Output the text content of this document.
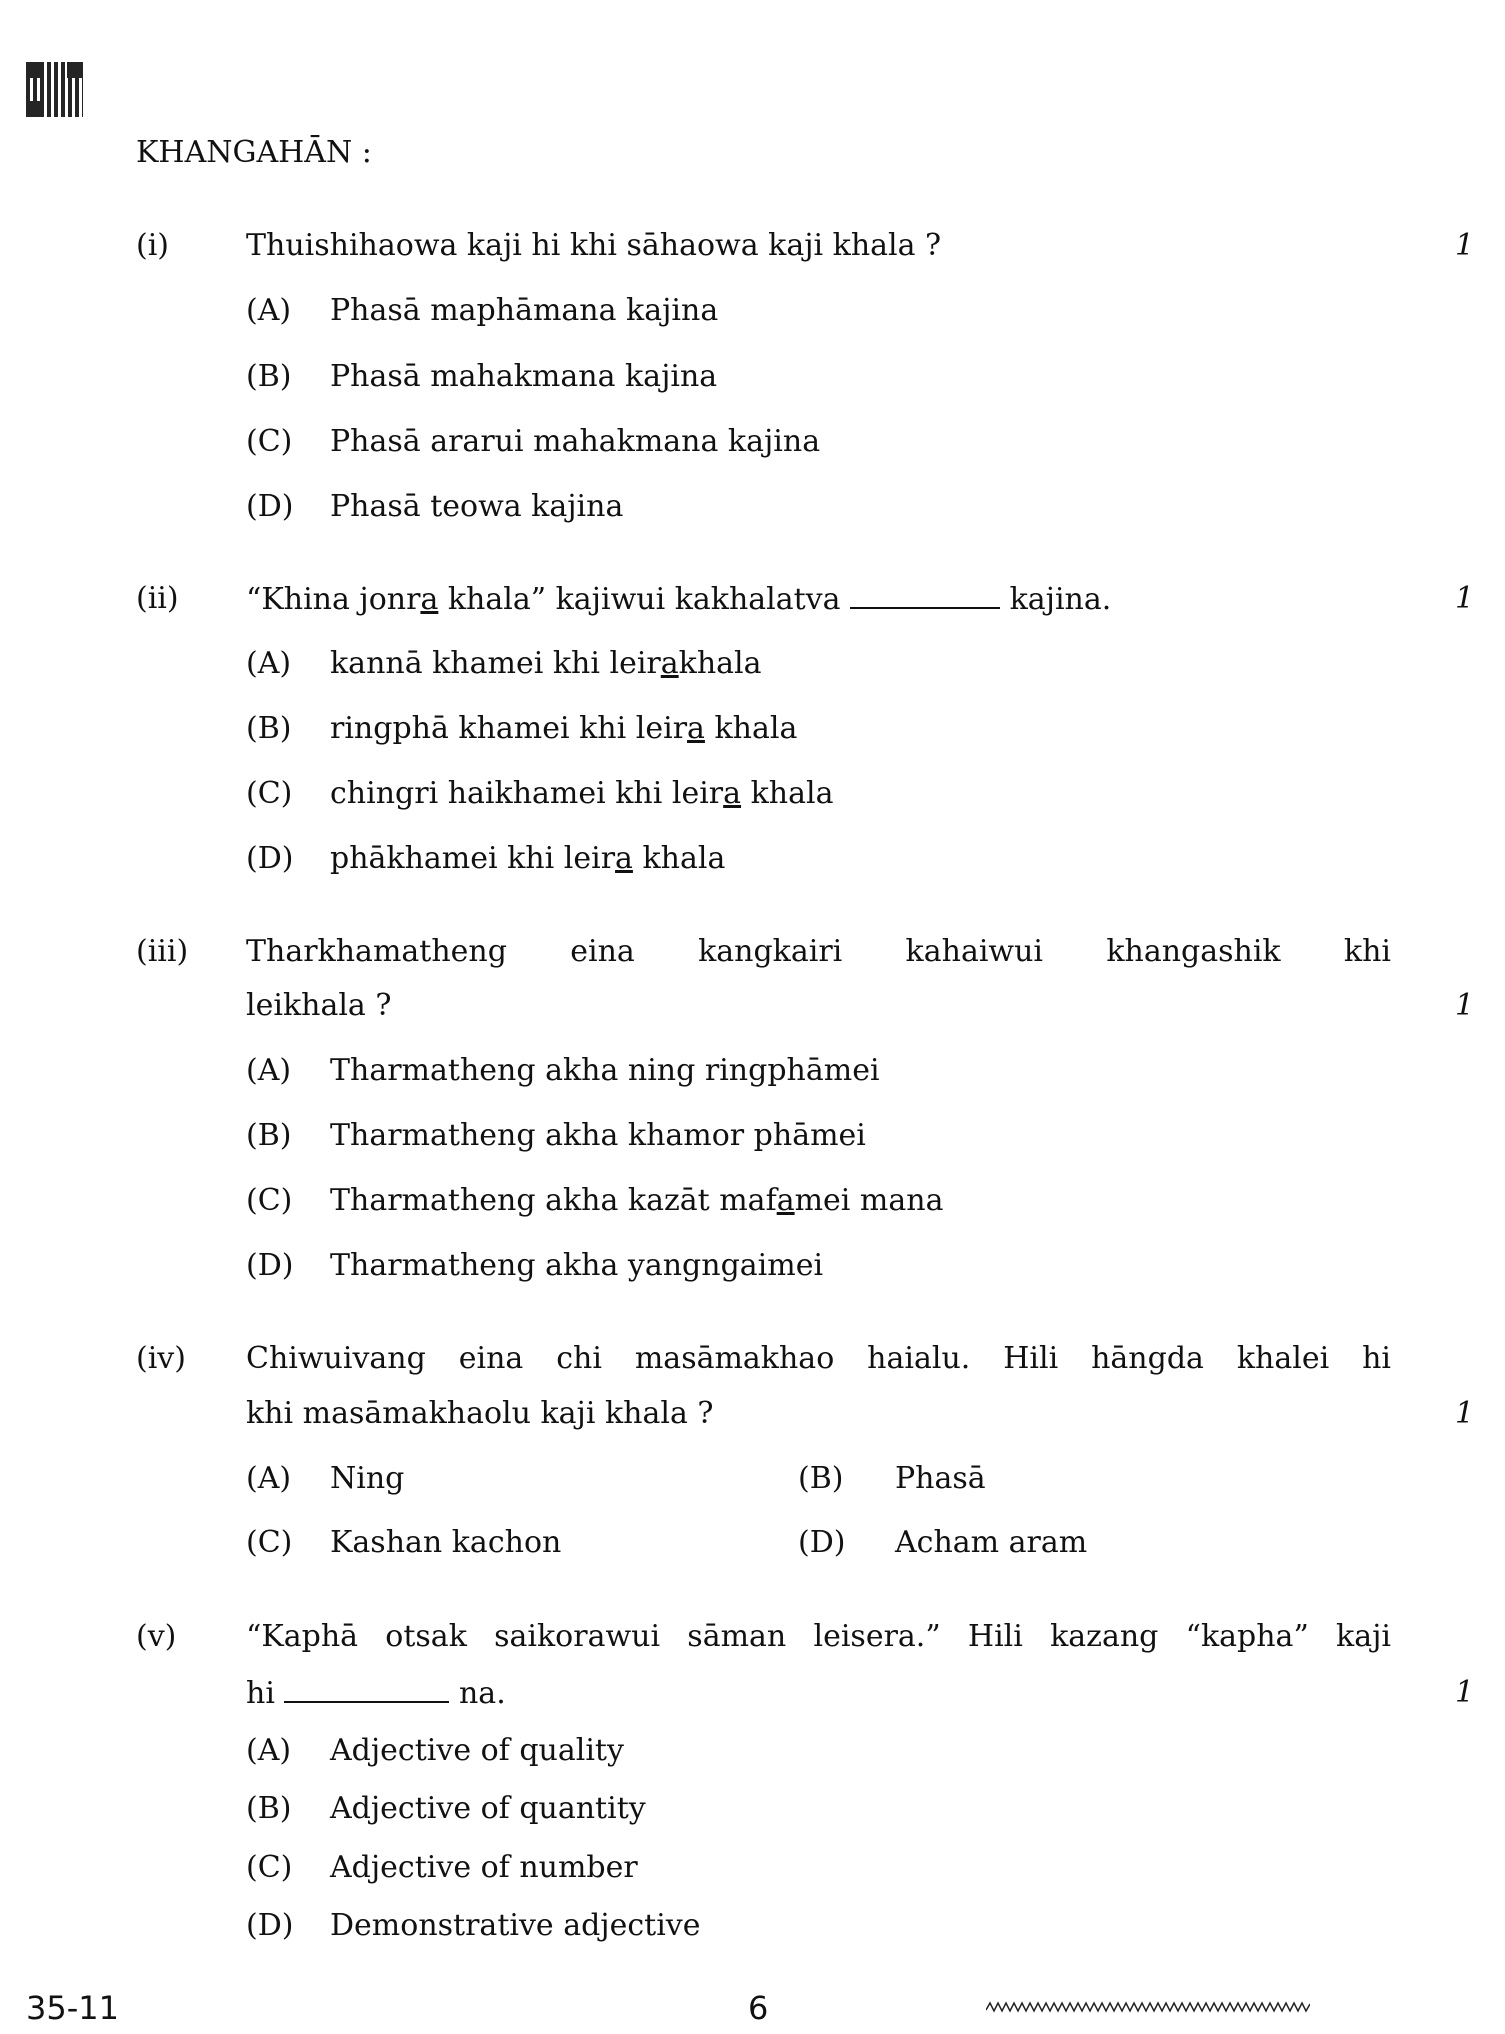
KHANGAHĀN :
(i)	Thuishihaowa kaji hi khi sāhaowa kaji khala ?	1
(A) Phasā maphāmana kajina
(B) Phasā mahakmana kajina
(C) Phasā ararui mahakmana kajina
(D) Phasā teowa kajina
(ii) “Khina jonra khala” kajiwui kakhalatva	kajina.	1
(A) kannā khamei khi leirakhala
(B) ringphā khamei khi leira khala
(C) chingri haikhamei khi leira khala
(D) phākhamei khi leira khala
(iii) Tharkhamatheng eina kangkairi kahaiwui khangashik khi
leikhala ?	1
(A) Tharmatheng akha ning ringphāmei
(B) Tharmatheng akha khamor phāmei
(C) Tharmatheng akha kazāt mafamei mana
(D) Tharmatheng akha yangngaimei
(iv) Chiwuivang eina chi masāmakhao haialu. Hili hāngda khalei hi
khi masāmakhaolu kaji khala ?	1
(A) Ning	(B) Phasā
(C) Kashan kachon	(D) Acham aram
(v) “Kaphā otsak saikorawui sāman leisera.” Hili kazang “kapha” kaji
hi	na.	1
(A) Adjective of quality
(B) Adjective of quantity
(C) Adjective of number
(D) Demonstrative adjective
35-11	6
